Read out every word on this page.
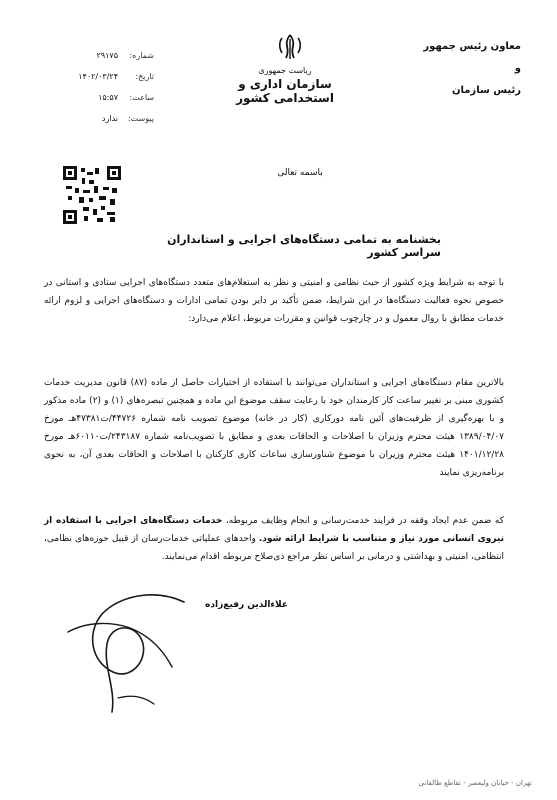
معاون رئیس جمهور
و
رئیس سازمان
ریاست جمهوری
سازمان اداری و استخدامی کشور
شماره:
۲۹۱۷۵
تاریخ:
۱۴۰۲/۰۳/۲۴
ساعت:
۱۵:۵۷
پیوست:
ندارد
باسمه تعالی
بخشنامه به تمامی دستگاه‌های اجرایی و استانداران سراسر کشور
با توجه به شرایط ویژه کشور از حیث نظامی و امنیتی و نظر به استعلام‌های متعدد دستگاه‌های اجرایی ستادی و استانی در خصوص نحوه فعالیت دستگاه‌ها در این شرایط، ضمن تأکید بر دایر بودن تمامی ادارات و دستگاه‌های اجرایی و لزوم ارائه خدمات مطابق با روال معمول و در چارچوب قوانین و مقررات مربوط، اعلام می‌دارد:
بالاترین مقام دستگاه‌های اجرایی و استانداران می‌توانند با استفاده از اختیارات حاصل از ماده (۸۷) قانون مدیریت خدمات کشوری مبنی بر تغییر ساعت کار کارمندان خود با رعایت سقف موضوع این ماده و همچنین تبصره‌های (۱) و (۲) ماده مذکور و با بهره‌گیری از ظرفیت‌های آئین نامه دورکاری (کار در خانه) موضوع تصویب نامه شماره ۴۴۷۲۶/ت۴۷۳۸۱هـ مورخ ۱۳۸۹/۰۴/۰۷ هیئت محترم وزیران با اصلاحات و الحاقات بعدی و مطابق با تصویب‌نامه شماره ۲۴۳۱۸۷/ت۶۰۱۱۰هـ مورخ ۱۴۰۱/۱۲/۲۸ هیئت محترم وزیران با موضوع شناورسازی ساعات کاری کارکنان با اصلاحات و الحاقات بعدی آن، به نحوی برنامه‌ریزی نمایند
که ضمن عدم ایجاد وقفه در فرایند خدمت‌رسانی و انجام وظایف مربوطه، خدمات دستگاه‌های اجرایی با استفاده از نیروی انسانی مورد نیاز و متناسب با شرایط ارائه شود. واحدهای عملیاتی خدمات‌رسان از قبیل حوزه‌های نظامی، انتظامی، امنیتی و بهداشتی و درمانی بر اساس نظر مراجع ذی‌صلاح مربوطه اقدام می‌نمایند.
علاءالدین رفیع‌زاده
تهران - خیابان ولیعصر - تقاطع طالقانی
